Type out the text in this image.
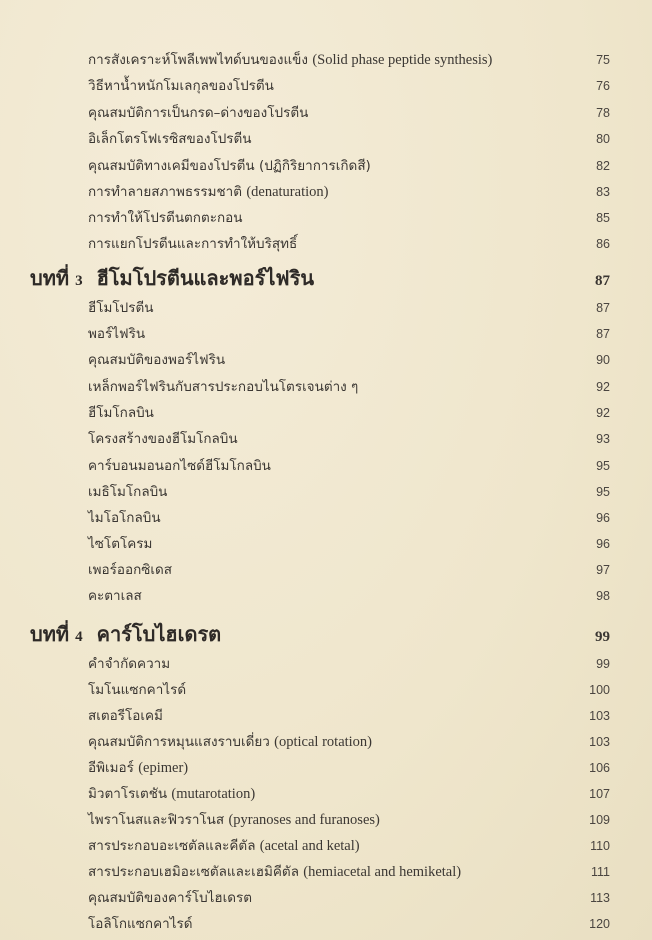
การสังเคราะห์โพลีเพพไทด์บนของแข็ง (Solid phase peptide synthesis)	75
วิธีหาน้ำหนักโมเลกุลของโปรตีน	76
คุณสมบัติการเป็นกรด–ด่างของโปรตีน	78
อิเล็กโตรโฟเรซิสของโปรตีน	80
คุณสมบัติทางเคมีของโปรตีน (ปฏิกิริยาการเกิดสี)	82
การทำลายสภาพธรรมชาติ (denaturation)	83
การทำให้โปรตีนตกตะกอน	85
การแยกโปรตีนและการทำให้บริสุทธิ์	86
บทที่ 3 ฮีโมโปรตีนและพอร์ไฟริน	87
ฮีโมโปรตีน	87
พอร์ไฟริน	87
คุณสมบัติของพอร์ไฟริน	90
เหล็กพอร์ไฟรินกับสารประกอบไนโตรเจนต่าง ๆ	92
ฮีโมโกลบิน	92
โครงสร้างของฮีโมโกลบิน	93
คาร์บอนมอนอกไซด์ฮีโมโกลบิน	95
เมธิโมโกลบิน	95
ไมโอโกลบิน	96
ไซโตโครม	96
เพอร์ออกซิเดส	97
คะตาเลส	98
บทที่ 4 คาร์โบไฮเดรต	99
คำจำกัดความ	99
โมโนแซกคาไรด์	100
สเตอรีโอเคมี	103
คุณสมบัติการหมุนแสงราบเดี่ยว (optical rotation)	103
อีพิเมอร์ (epimer)	106
มิวตาโรเตชัน (mutarotation)	107
ไพราโนสและฟิวราโนส (pyranoses and furanoses)	109
สารประกอบอะเซตัลและคีตัล (acetal and ketal)	110
สารประกอบเฮมิอะเซตัลและเฮมิคีตัล (hemiacetal and hemiketal)	111
คุณสมบัติของคาร์โบไฮเดรต	113
โอลิโกแซกคาไรด์	120
